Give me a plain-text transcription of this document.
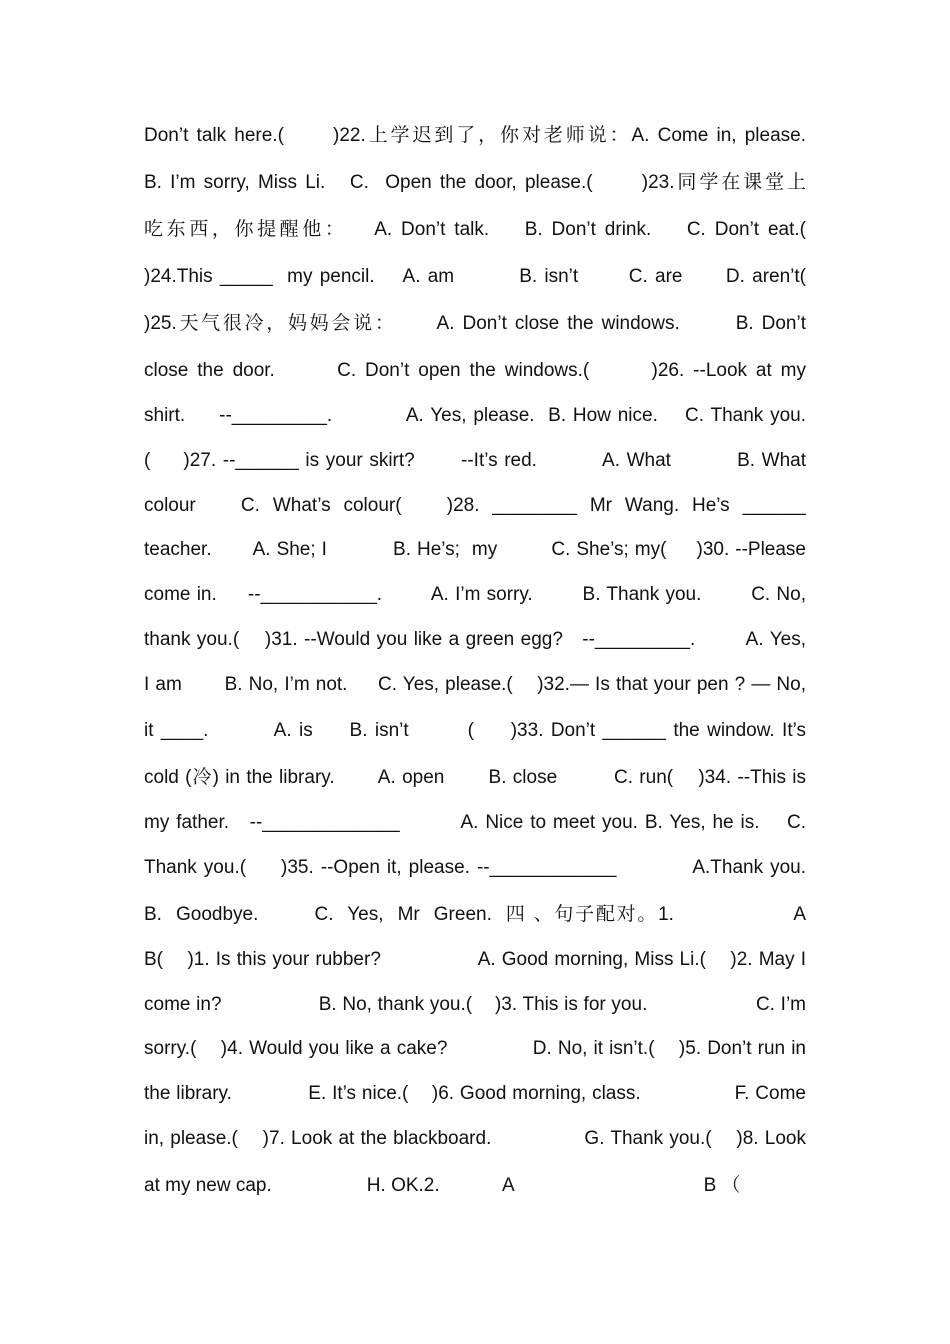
Don’t talk here.(      )22.上学迟到了，你对老师说：A. Come in, please.
B. I’m sorry, Miss Li.   C.  Open the door, please.(      )23.同学在课堂上
吃东西，你提醒他：   A. Don’t talk.    B. Don’t drink.    C. Don’t eat.(
)24.This _____  my pencil.    A. am         B. isn’t       C. are      D. aren’t(
)25.天气很冷，妈妈会说：     A. Don’t close the windows.       B. Don’t
close the door.       C. Don’t open the windows.(       )26. --Look at my
shirt.     --_________.           A. Yes, please.  B. How nice.    C. Thank you.
(     )27. --______ is your skirt?       --It’s red.          A. What          B. What
colour       C.  What’s  colour(       )28.  ________  Mr  Wang.  He’s  ______
teacher.       A. She; I           B. He’s;  my         C. She’s; my(     )30. --Please
come in.     --___________.        A. I’m sorry.        B. Thank you.        C. No,
thank you.(    )31. --Would you like a green egg?   --_________.        A. Yes,
I am       B. No, I’m not.     C. Yes, please.(    )32.— Is that your pen ? — No,
it ____.         A. is     B. isn’t        (     )33. Don’t ______ the window. It’s
cold (冷) in the library.       A. open       B. close         C. run(    )34. --This is
my father.   --_____________         A. Nice to meet you. B. Yes, he is.    C.
Thank you.(     )35. --Open it, please. --____________           A.Thank you.
B.  Goodbye.        C.  Yes,  Mr  Green.  四 、句子配对。1.                 A
B(    )1. Is this your rubber?                A. Good morning, Miss Li.(    )2. May I
come in?                 B. No, thank you.(    )3. This is for you.                   C. I’m
sorry.(    )4. Would you like a cake?              D. No, it isn’t.(    )5. Don’t run in
the library.             E. It’s nice.(    )6. Good morning, class.                F. Come
in, please.(    )7. Look at the blackboard.               G. Thank you.(    )8. Look
at my new cap.                  H. OK.2.            A                                    B （
